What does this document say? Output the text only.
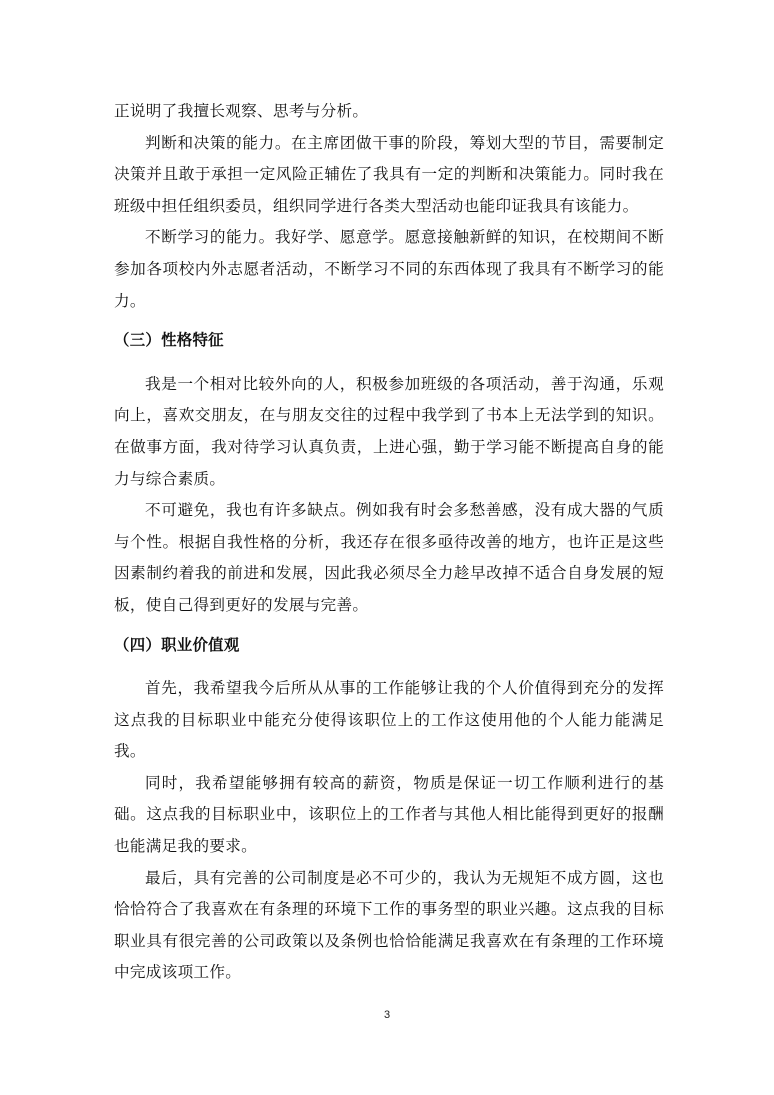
正说明了我擅长观察、思考与分析。

判断和决策的能力。在主席团做干事的阶段，筹划大型的节目，需要制定决策并且敢于承担一定风险正辅佐了我具有一定的判断和决策能力。同时我在班级中担任组织委员，组织同学进行各类大型活动也能印证我具有该能力。

不断学习的能力。我好学、愿意学。愿意接触新鲜的知识，在校期间不断参加各项校内外志愿者活动，不断学习不同的东西体现了我具有不断学习的能力。

（三）性格特征

我是一个相对比较外向的人，积极参加班级的各项活动，善于沟通，乐观向上，喜欢交朋友，在与朋友交往的过程中我学到了书本上无法学到的知识。在做事方面，我对待学习认真负责，上进心强，勤于学习能不断提高自身的能力与综合素质。

不可避免，我也有许多缺点。例如我有时会多愁善感，没有成大器的气质与个性。根据自我性格的分析，我还存在很多亟待改善的地方，也许正是这些因素制约着我的前进和发展，因此我必须尽全力趁早改掉不适合自身发展的短板，使自己得到更好的发展与完善。

（四）职业价值观

首先，我希望我今后所从从事的工作能够让我的个人价值得到充分的发挥这点我的目标职业中能充分使得该职位上的工作这使用他的个人能力能满足我。

同时，我希望能够拥有较高的薪资，物质是保证一切工作顺利进行的基础。这点我的目标职业中，该职位上的工作者与其他人相比能得到更好的报酬也能满足我的要求。

最后，具有完善的公司制度是必不可少的，我认为无规矩不成方圆，这也恰恰符合了我喜欢在有条理的环境下工作的事务型的职业兴趣。这点我的目标职业具有很完善的公司政策以及条例也恰恰能满足我喜欢在有条理的工作环境中完成该项工作。

3
